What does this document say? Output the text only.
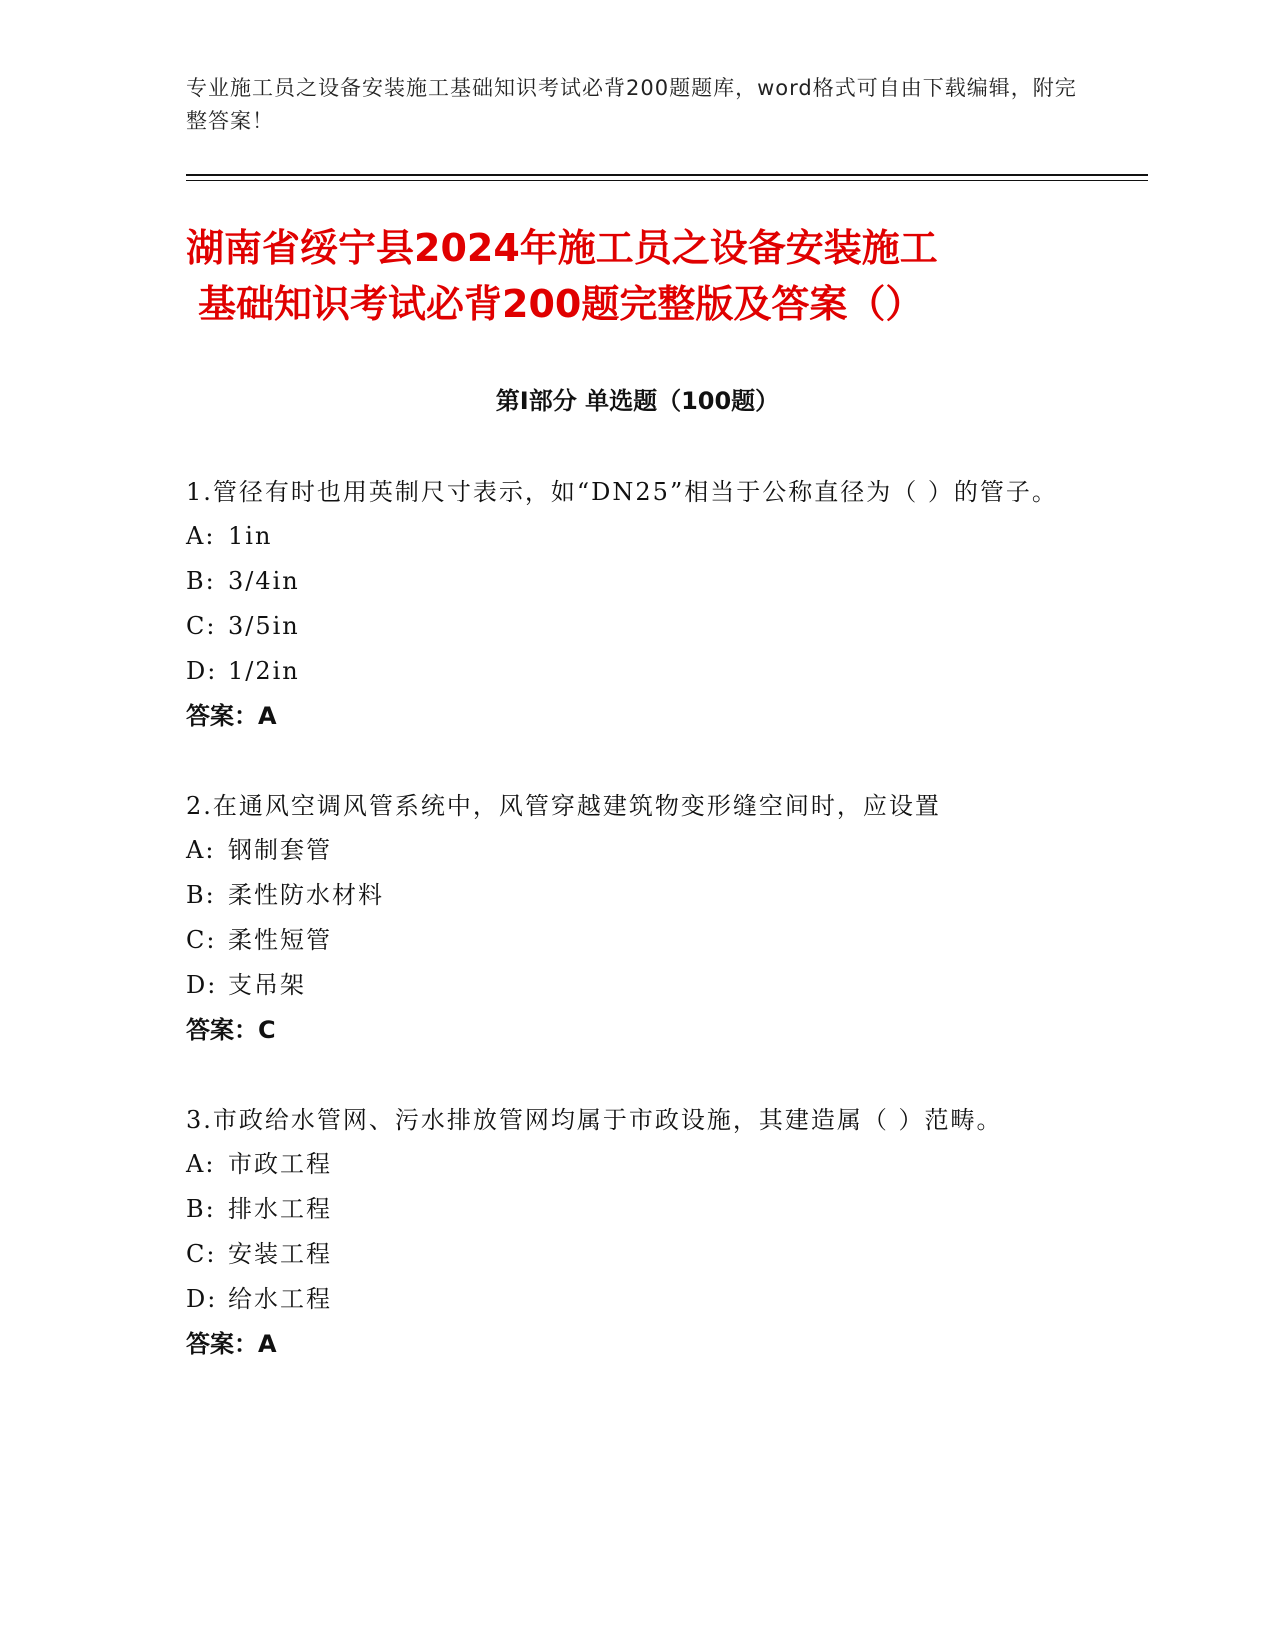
专业施工员之设备安装施工基础知识考试必背200题题库，word格式可自由下载编辑，附完整答案！
湖南省绥宁县2024年施工员之设备安装施工
基础知识考试必背200题完整版及答案（）
第Ⅰ部分 单选题（100题）
1.管径有时也用英制尺寸表示，如“DN25”相当于公称直径为（ ）的管子。
A: 1in
B: 3/4in
C: 3/5in
D: 1/2in
答案：A
2.在通风空调风管系统中，风管穿越建筑物变形缝空间时，应设置
A: 钢制套管
B: 柔性防水材料
C: 柔性短管
D: 支吊架
答案：C
3.市政给水管网、污水排放管网均属于市政设施，其建造属（ ）范畴。
A: 市政工程
B: 排水工程
C: 安装工程
D: 给水工程
答案：A
